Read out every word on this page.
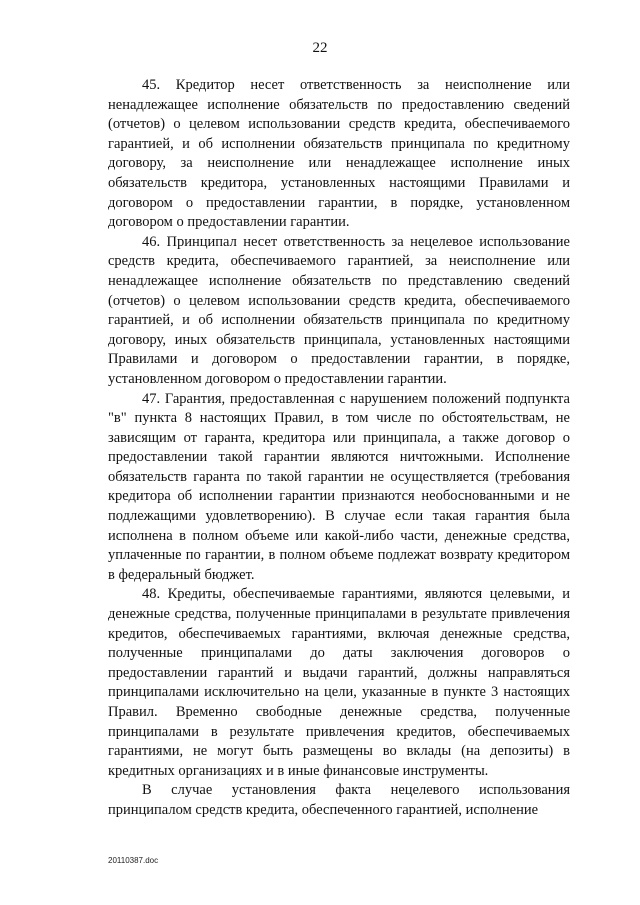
22

45. Кредитор несет ответственность за неисполнение или ненадлежащее исполнение обязательств по предоставлению сведений (отчетов) о целевом использовании средств кредита, обеспечиваемого гарантией, и об исполнении обязательств принципала по кредитному договору, за неисполнение или ненадлежащее исполнение иных обязательств кредитора, установленных настоящими Правилами и договором о предоставлении гарантии, в порядке, установленном договором о предоставлении гарантии.

46. Принципал несет ответственность за нецелевое использование средств кредита, обеспечиваемого гарантией, за неисполнение или ненадлежащее исполнение обязательств по представлению сведений (отчетов) о целевом использовании средств кредита, обеспечиваемого гарантией, и об исполнении обязательств принципала по кредитному договору, иных обязательств принципала, установленных настоящими Правилами и договором о предоставлении гарантии, в порядке, установленном договором о предоставлении гарантии.

47. Гарантия, предоставленная с нарушением положений подпункта "в" пункта 8 настоящих Правил, в том числе по обстоятельствам, не зависящим от гаранта, кредитора или принципала, а также договор о предоставлении такой гарантии являются ничтожными. Исполнение обязательств гаранта по такой гарантии не осуществляется (требования кредитора об исполнении гарантии признаются необоснованными и не подлежащими удовлетворению). В случае если такая гарантия была исполнена в полном объеме или какой-либо части, денежные средства, уплаченные по гарантии, в полном объеме подлежат возврату кредитором в федеральный бюджет.

48. Кредиты, обеспечиваемые гарантиями, являются целевыми, и денежные средства, полученные принципалами в результате привлечения кредитов, обеспечиваемых гарантиями, включая денежные средства, полученные принципалами до даты заключения договоров о предоставлении гарантий и выдачи гарантий, должны направляться принципалами исключительно на цели, указанные в пункте 3 настоящих Правил. Временно свободные денежные средства, полученные принципалами в результате привлечения кредитов, обеспечиваемых гарантиями, не могут быть размещены во вклады (на депозиты) в кредитных организациях и в иные финансовые инструменты.

В случае установления факта нецелевого использования принципалом средств кредита, обеспеченного гарантией, исполнение

20110387.doc
